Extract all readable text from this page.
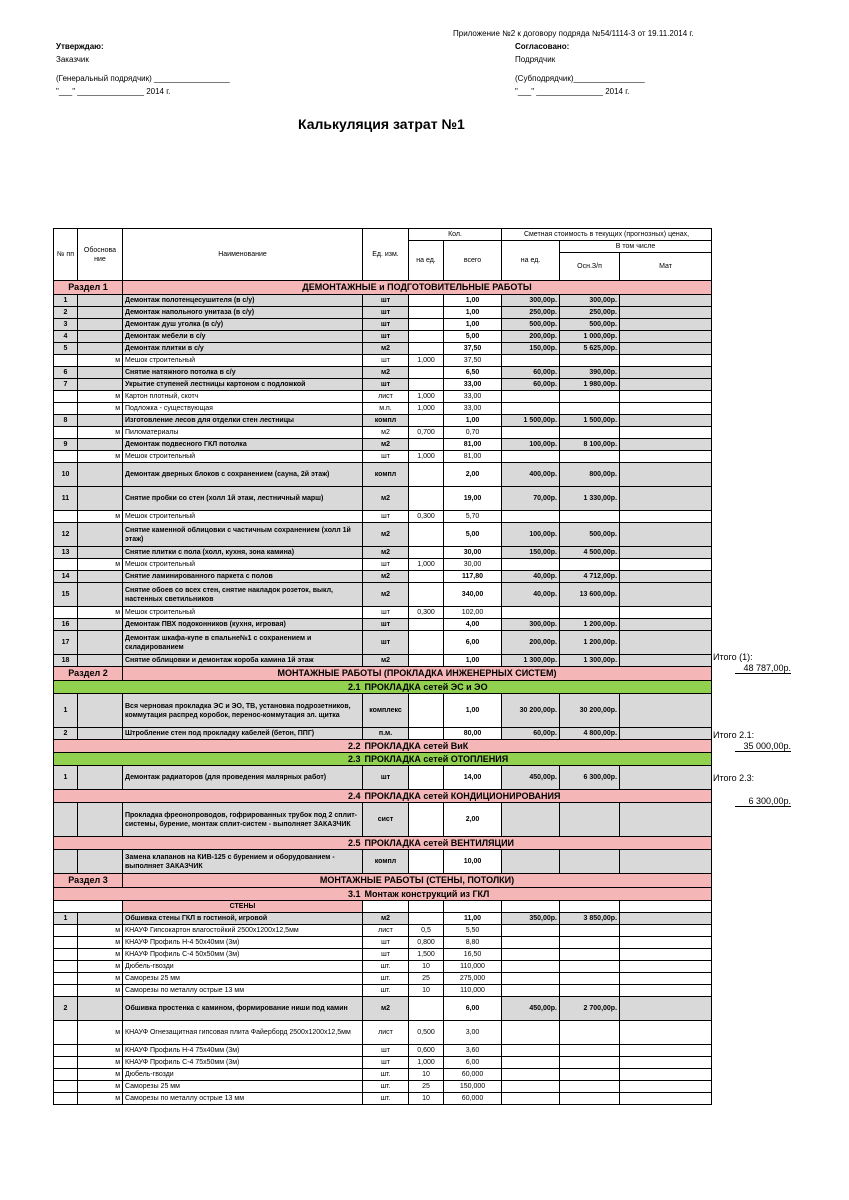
Приложение №2 к договору подряда №54/1114-3 от 19.11.2014 г.
Утверждаю:
Заказчик
(Генеральный подрядчик) _________________
"___" _______________ 2014 г.
Согласовано:
Подрядчик
(Субподрядчик)________________
"___" _______________ 2014 г.
Калькуляция затрат №1
№ пп	Обоснова ние	Наименование	Ед. изм.	Кол.		Сметная стоимость в текущих (прогнозных) ценах,		
				на ед.	всего	на ед.	В том числе	
							Осн.З/п	Мат
Раздел 1		ДЕМОНТАЖНЫЕ и ПОДГОТОВИТЕЛЬНЫЕ РАБОТЫ						
1		Демонтаж полотенцесушителя (в с/у)	шт		1,00	300,00р.	300,00р.	
2		Демонтаж напольного унитаза (в с/у)	шт		1,00	250,00р.	250,00р.	
3		Демонтаж душ уголка (в с/у)	шт		1,00	500,00р.	500,00р.	
4		Демонтаж мебели в с/у	шт		5,00	200,00р.	1 000,00р.	
5		Демонтаж плитки в с/у	м2		37,50	150,00р.	5 625,00р.	
	м	Мешок строительный	шт	1,000	37,50			
6		Снятие натяжного потолка в с/у	м2		6,50	60,00р.	390,00р.	
7		Укрытие ступеней лестницы картоном с подложкой	шт		33,00	60,00р.	1 980,00р.	
	м	Картон плотный, скотч	лист	1,000	33,00			
	м	Подложка - существующая	м.п.	1,000	33,00			
8		Изготовление лесов для отделки стен лестницы	компл		1,00	1 500,00р.	1 500,00р.	
	м	Пиломатериалы	м2	0,700	0,70			
9		Демонтаж подвесного ГКЛ потолка	м2		81,00	100,00р.	8 100,00р.	
	м	Мешок строительный	шт	1,000	81,00			
10		Демонтаж дверных блоков с сохранением (сауна, 2й этаж)	компл		2,00	400,00р.	800,00р.	
11		Снятие пробки со стен (холл 1й этаж, лестничный марш)	м2		19,00	70,00р.	1 330,00р.	
	м	Мешок строительный	шт	0,300	5,70			
12		Снятие каменной облицовки с частичным сохранением (холл 1й этаж)	м2		5,00	100,00р.	500,00р.	
13		Снятие плитки с пола (холл, кухня, зона камина)	м2		30,00	150,00р.	4 500,00р.	
	м	Мешок строительный	шт	1,000	30,00			
14		Снятие ламинированного паркета с полов	м2		117,80	40,00р.	4 712,00р.	
15		Снятие обоев со всех стен, снятие накладок розеток, выкл, настенных светильников	м2		340,00	40,00р.	13 600,00р.	
	м	Мешок строительный	шт	0,300	102,00			
16		Демонтаж ПВХ подоконников (кухня, игровая)	шт		4,00	300,00р.	1 200,00р.	
17		Демонтаж шкафа-купе в спальне№1 с сохранением и складированием	шт		6,00	200,00р.	1 200,00р.	
18		Снятие облицовки и демонтаж короба камина 1й этаж	м2		1,00	1 300,00р.	1 300,00р.	
Раздел 2		МОНТАЖНЫЕ РАБОТЫ (ПРОКЛАДКА ИНЖЕНЕРНЫХ СИСТЕМ)						
2.1			ПРОКЛАДКА сетей ЭС и ЭО					
1		Вся черновая прокладка ЭС и ЭО, ТВ, установка подрозетников, коммутация распред коробок, перенос-коммутация эл. щитка	комплекс		1,00	30 200,00р.	30 200,00р.	
2		Штробление стен под прокладку кабелей (бетон, ППГ)	п.м.		80,00	60,00р.	4 800,00р.	
2.2			ПРОКЛАДКА сетей ВиК					
2.3			ПРОКЛАДКА сетей ОТОПЛЕНИЯ					
1		Демонтаж радиаторов (для проведения малярных работ)	шт		14,00	450,00р.	6 300,00р.	
2.4			ПРОКЛАДКА сетей КОНДИЦИОНИРОВАНИЯ					
		Прокладка фреонопроводов, гофрированных трубок под 2 сплит-системы, бурение, монтаж сплит-систем - выполняет ЗАКАЗЧИК	сист		2,00			
2.5			ПРОКЛАДКА сетей ВЕНТИЛЯЦИИ					
		Замена клапанов на КИВ-125 с бурением и оборудованием - выполняет ЗАКАЗЧИК	компл		10,00			
Раздел 3		МОНТАЖНЫЕ РАБОТЫ (СТЕНЫ, ПОТОЛКИ)						
3.1			Монтаж конструкций из ГКЛ					
		СТЕНЫ						
1		Обшивка стены ГКЛ в гостиной, игровой	м2		11,00	350,00р.	3 850,00р.	
	м	КНАУФ Гипсокартон влагостойкий 2500х1200х12,5мм	лист	0,5	5,50			
	м	КНАУФ Профиль Н-4 50х40мм (3м)	шт	0,800	8,80			
	м	КНАУФ Профиль С-4 50х50мм (3м)	шт	1,500	16,50			
	м	Дюбель-гвозди	шт.	10	110,000			
	м	Саморезы 25 мм	шт.	25	275,000			
	м	Саморезы по металлу острые 13 мм	шт.	10	110,000			
2		Обшивка простенка с камином, формирование ниши под камин	м2		6,00	450,00р.	2 700,00р.	
	м	КНАУФ Огнезащитная гипсовая плита Файерборд 2500х1200х12,5мм	лист	0,500	3,00			
	м	КНАУФ Профиль Н-4 75х40мм (3м)	шт	0,600	3,60			
	м	КНАУФ Профиль С-4 75х50мм (3м)	шт	1,000	6,00			
	м	Дюбель-гвозди	шт.	10	60,000			
	м	Саморезы 25 мм	шт.	25	150,000			
	м	Саморезы по металлу острые 13 мм	шт.	10	60,000			
Итого (1):
48 787,00р.
Итого 2.1:
35 000,00р.
Итого 2.3:
6 300,00р.
